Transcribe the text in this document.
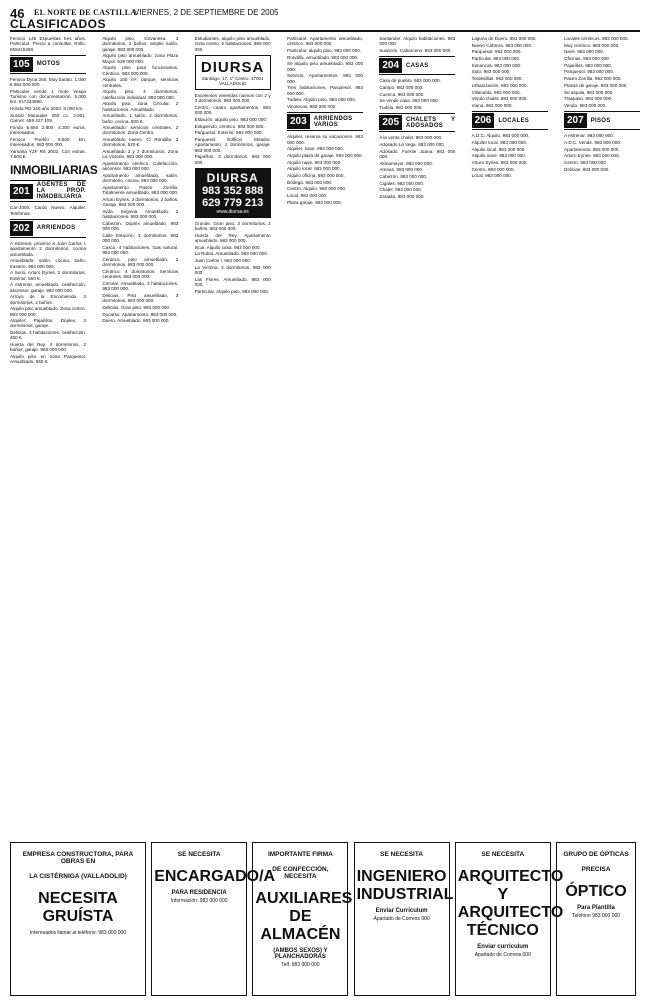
46 EL NORTE DE CASTILLA
VIERNES, 2 DE SEPTIEMBRE DE 2005
CLASIFICADOS

Fenoco 146 Espuelitas tres años. Particular. Precio a consultar. Rollo. 659416269.

105	MOTOS

Fenoco Dyna 250. Muy barato. 1.000 € 983 000 000.

Particular vende 1 moto Vespa Turismo con documentación. 5.000 km. 617234890.

Honda RD 340 año 2003. 8.000 km.

Suzuki Marauder 250 cc, 2.001. Carnet. 659 427 109.

Fondo 5.650 2.800. 4.300 euros. Interesados.

Fenoco Pueblo 9.500 km. Interesados. 983 000 000.

Yamaha YZF R6 2002. Con extras. 7.500 €.

INMOBILIARIAS
201
AGENTES DE LA PROP. INMOBILIARIA

Car-2000. Cardo Nuevo. Alquiler. Teléfonos.

202	ARRIENDOS

A estrenar, próximo a Juan Carlos I, apartamento 2 dormitorios, cocina amueblada.

Amueblado: salón, cocina, baño, trastero. 983 000 000.

A Serió, Arturo Eyries. 2 dormitorios. Exterior. 560 €.

A estrenar, amueblado, calefacción, ascensor, garaje. 983 000 000.

Arroyo de la Encomienda. 3 dormitorios, 2 baños.

Alquilo piso amueblado. Zona centro. 983 000 000.

Alquiler: Pajarillos. Dúplex, 3 dormitorios, garaje.

Delicias. 3 habitaciones, calefacción. 450 €.

Huerta del Rey. 4 dormitorios, 2 baños, garaje. 983 000 000.

Alquilo piso en zona Parquesol. Amueblado. 650 €.

Alquilo piso, Govanesa. 3 dormitorios, 2 baños, amplio salón, garaje. 983 000 000.

Alquilo piso amueblado, zona Plaza Mayor. 629 000 000.

Alquilo piso para funcionarios. Céntrico. 983 000 000.

Alquilo 100 m², parque, servicios centrales.

Alquilo piso, 4 dormitorios, calefacción individual. 983 000 000.

Alquilo piso, zona Circular. 2 habitaciones. Amueblado.

Amueblado. 1 salón, 2 dormitorios, baño, cocina. 600 €.

Amueblado: servicios centrales. 2 dormitorios. Zona Centro.

Amueblado nuevo. C/ Rondilla. 3 dormitorios. 520 €.

Amueblado 3 y 2 dormitorios. Zona La Victoria. 983 000 000.

Apartamento céntrico. Calefacción, ascensor. 983 000 000.

Apartamento amueblado, salón, dormitorio, cocina. 983 000 000.

Apartamento Paseo Zorrilla. Totalmente amueblado. 983 000 000.

Arturo Eyries. 3 dormitorios, 2 baños. Garaje. 983 000 000.

Avda. Segovia. Amueblado. 2 habitaciones. 983 000 000.

Cabezón. Dúplex amueblado. 983 000 000.

Calle Estación, 3 dormitorios. 983 000 000.

Casco. 4 habitaciones. Gas natural. 983 000 000.

Céntrico, piso amueblado, 2 dormitorios. 983 000 000.

Céntrico. 4 dormitorios. Servicios centrales. 983 000 000.

Circular. Amueblado, 3 habitaciones. 983 000 000.

Delicias. Piso amueblado, 3 dormitorios. 983 000 000.

Delicias. Gran piso. 983 000 000.

Ducarso. Apartamento. 983 000 000.

Duero. Amueblado. 983 000 000.

Estudiantes, alquilo piso amueblado, zona centro. 5 habitaciones. 983 000 000.

DIURSA
Santiago, 17, 1º Centro. 47001 VALLADOLID

Excelentes viviendas nuevas con 2 y 3 dormitorios. 983 000 000.

Centro, cuatro apartamentos. 983 000 000.

Estación, alquilo piso. 983 000 000.

Estupendo, céntrico. 983 000 000.

Parquesol. Exterior. 983 000 000.

Parquesol Edificio Mirador. Apartamento, 2 dormitorios, garaje. 983 000 000.

Pajarillos. 3 dormitorios. 983 000 000.

DIURSA
983 352 888
629 779 213
www.diursa.es

Grande. Gran piso, 3 dormitorios, 2 baños. 983 000 000.

Huerta del Rey. Apartamento amueblado. 983 000 000.

Iscar. Alquilo casa. 983 000 000.

La Rubia. Amueblado. 983 000 000.

Juan Carlos I. 983 000 000.

La Victoria. 2 dormitorios. 983 000 000.

Las Flores. Amueblado. 983 000 000.

Particular. Alquilo piso. 983 000 000.

Particular. Apartamento amueblado, céntrico. 983 000 000.

Particular, alquilo piso. 983 000 000.

Rondilla, amueblado. 983 000 000.

Se alquila piso amueblado. 983 000 000.

Servicio. Apartamentos. 983 000 000.

Tres habitaciones, Parquesol. 983 000 000.

Tudela, Alquilo piso. 983 000 000.

Vinotecas. 983 000 000.

203	ARRIENDOS VARIOS

Alquiler, reserva su vacaciones. 983 000 000.

Alquiler, nave. 983 000 000.

Alquilo plaza de garaje. 983 000 000.

Alquilo nave. 983 000 000.

Alquilo local. 983 000 000.

Alquilo oficina. 983 000 000.

Bodega. 983 000 000.

Centro. Alquilo. 983 000 000.

Local. 983 000 000.

Plaza garaje. 983 000 000.

Santander. Alquilo habitaciones. 983 000 000.

Suances. Cabarceno. 983 000 000.

204	CASAS

Casa de pueblo. 983 000 000.

Campo. 983 000 000.

Cuenca. 983 000 000.

Se vende casa. 983 000 000.

Tudela. 983 000 000.

205	CHALETS Y ADOSADOS

A la venta chalet. 983 000 000.

Adosado La Vega. 983 000 000.

Adosado. Fuente Juana. 983 000 000.

Aldeamayor. 983 000 000.

Arenas. 983 000 000.

Cabezón. 983 000 000.

Cigales. 983 000 000.

Chalet. 983 000 000.

Zaratán. 983 000 000.

Laguna de Duero. 983 000 000.

Nuevo Cabrera. 983 000 000.

Parquesol. 983 000 000.

Particular. 983 000 000.

Simancas. 983 000 000.

Soto. 983 000 000.

Tordesillas. 983 000 000.

Urbanización. 983 000 000.

Villanubla. 983 000 000.

Vendo chalet. 983 000 000.

Viana. 983 000 000.

206	LOCALES

A.D.C. Alquilo. 983 000 000.

Alquiler local. 983 000 000.

Alquilo local. 983 000 000.

Alquilo nave. 983 000 000.

Arturo Eyries. 983 000 000.

Centro. 983 000 000.

Local. 983 000 000.

Locales céntricos. 983 000 000.

Muy céntrico. 983 000 000.

Nave. 983 000 000.

Oficinas. 983 000 000.

Pajarillos. 983 000 000.

Parquesol. 983 000 000.

Paseo Zorrilla. 983 000 000.

Plazas de garaje. 983 000 000.

Se alquila. 983 000 000.

Traspaso. 983 000 000.

Vendo. 983 000 000.

207	PISOS

A estrenar. 983 000 000.

A.D.C. Vende. 983 000 000.

Apartamento. 983 000 000.

Arturo Eyries. 983 000 000.

Centro. 983 000 000.

Delicias. 983 000 000.

EMPRESA CONSTRUCTORA, PARA OBRAS EN
LA CISTÉRNIGA (VALLADOLID)
NECESITA GRUÍSTA
Interesados llamar al teléfono: 983 000 000
SE NECESITA
ENCARGADO/A
PARA RESIDENCIA
Información: 983 000 000
IMPORTANTE FIRMA
DE CONFECCIÓN, NECESITA
AUXILIARES DE ALMACÉN
(AMBOS SEXOS) Y PLANCHADORAS
Telf. 983 000 000
SE NECESITA
INGENIERO INDUSTRIAL
Enviar Currículum
Apartado de Correos 000
SE NECESITA
ARQUITECTO Y ARQUITECTO TÉCNICO
Enviar currículum
Apartado de Correos 000
GRUPO DE ÓPTICAS
PRECISA
ÓPTICO
Para Plantilla
Teléfono 983 000 000
